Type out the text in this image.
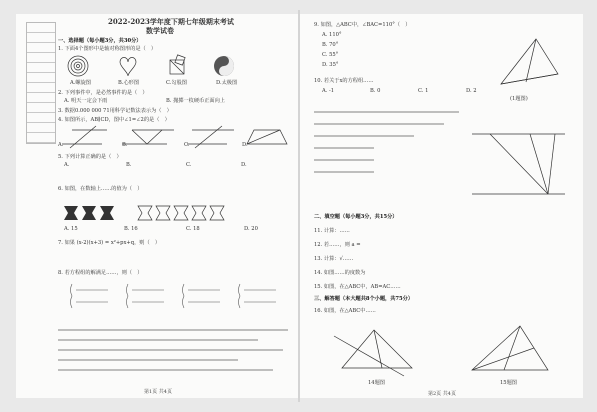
2022-2023学年度下期七年级期末考试
数学试卷
一、选择题（每小题3分，共30分）
1. 下面4个图形中是轴对称图形的是（　）
A.螺旋图	B.心形图	C.勾股图	D.太极图
2. 下列事件中，是必然事件的是（　）
A. 明天一定会下雨	B. 抛掷一枚硬币正面向上
3. 数据0.000 000 71用科学记数法表示为（　）
4. 如图所示，AB∥CD，图中∠1=∠2的是（　）
A.	B.	C.	D.
5. 下列计算正确的是（　）
A.	B.	C.	D.
6. 如图，在数轴上……的值为（　）
A. 15	B. 16	C. 18	D. 20
7. 如果 (x-2)(x+3) = x²+px+q，则（　）
8. 若方程组的解满足……，则（　）
第1页 共4页
9. 如图，△ABC中，∠BAC=110°（　）
A. 110°
B. 70°
C. 55°
D. 35°
(1题图)
10. 若关于x的方程组……
A. -1	B. 0	C. 1	D. 2
二、填空题（每小题3分，共15分）
11. 计算：……
12. 若……，则 a =
13. 计算：√……
14. 如图……的度数为
15. 如图，在△ABC中，AB=AC……
三、解答题（本大题共8个小题，共75分）
16. 如图，在△ABC中……
14题图	15题图
第2页 共4页
